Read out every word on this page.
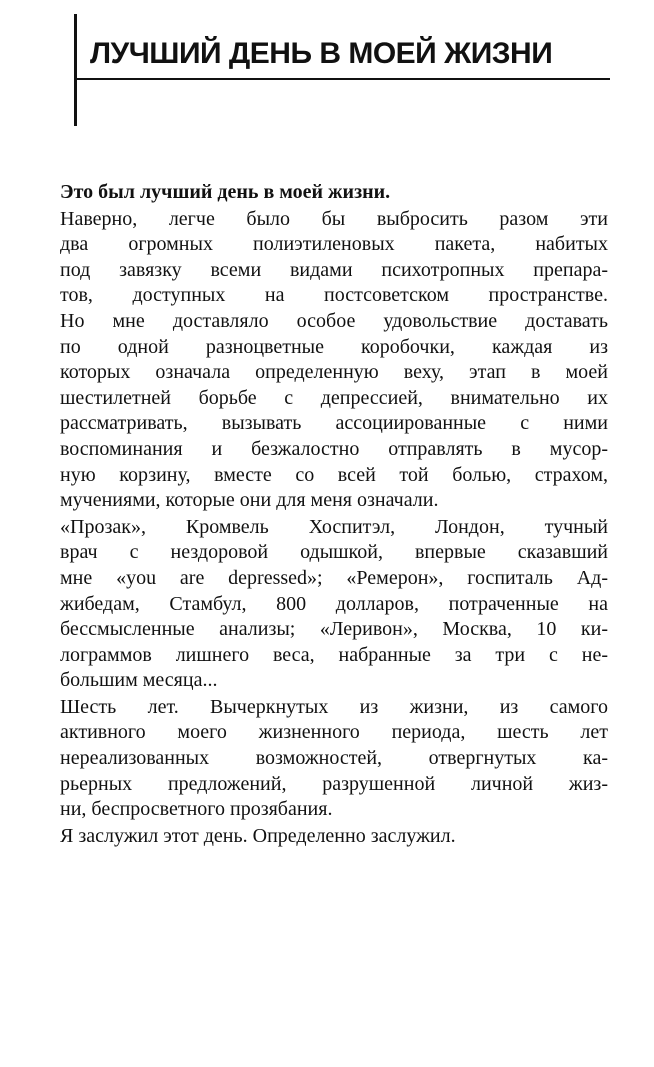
ЛУЧШИЙ ДЕНЬ В МОЕЙ ЖИЗНИ
Это был лучший день в моей жизни.
Наверно, легче было бы выбросить разом эти
два огромных полиэтиленовых пакета, набитых
под завязку всеми видами психотропных препара-
тов, доступных на постсоветском пространстве.
Но мне доставляло особое удовольствие доставать
по одной разноцветные коробочки, каждая из
которых означала определенную веху, этап в моей
шестилетней борьбе с депрессией, внимательно их
рассматривать, вызывать ассоциированные с ними
воспоминания и безжалостно отправлять в мусор-
ную корзину, вместе со всей той болью, страхом,
мучениями, которые они для меня означали.
«Прозак», Кромвель Хоспитэл, Лондон, тучный
врач с нездоровой одышкой, впервые сказавший
мне «you are depressed»; «Ремерон», госпиталь Ад-
жибедам, Стамбул, 800 долларов, потраченные на
бессмысленные анализы; «Леривон», Москва, 10 ки-
лограммов лишнего веса, набранные за три с не-
большим месяца...
Шесть лет. Вычеркнутых из жизни, из самого
активного моего жизненного периода, шесть лет
нереализованных возможностей, отвергнутых ка-
рьерных предложений, разрушенной личной жиз-
ни, беспросветного прозябания.
Я заслужил этот день. Определенно заслужил.
